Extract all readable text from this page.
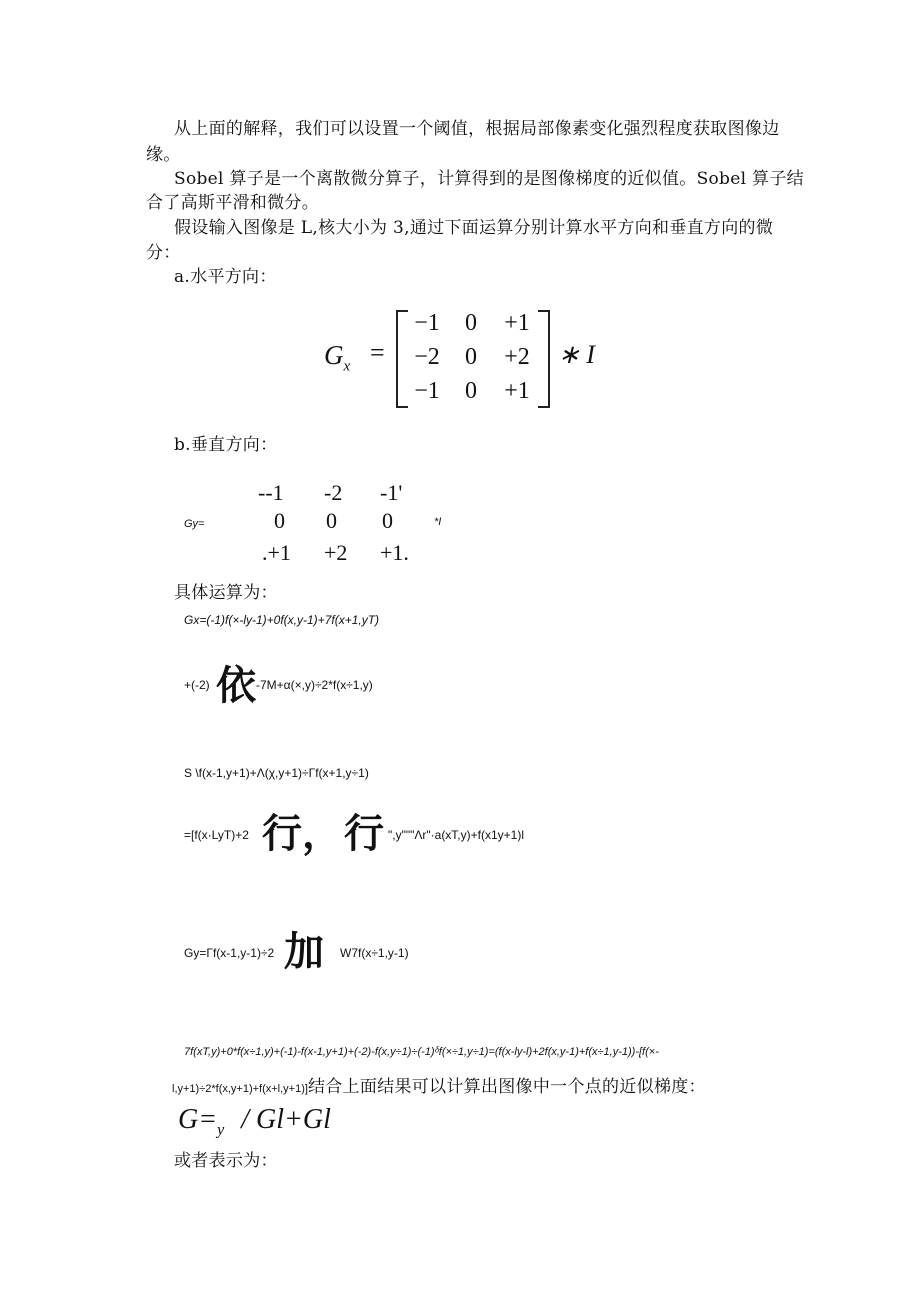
从上面的解释，我们可以设置一个阈值，根据局部像素变化强烈程度获取图像边
缘。
Sobel 算子是一个离散微分算子，计算得到的是图像梯度的近似值。Sobel 算子结
合了高斯平滑和微分。
假设输入图像是 L,核大小为 3,通过下面运算分别计算水平方向和垂直方向的微
分：
a.水平方向：
$G_x$ =
−1	0	+1
−2	0	+2
−1	0	+1
∗ I
b.垂直方向：
Gy=
--1 -2 -1'
0 0 0
.+1 +2 +1.
*I
具体运算为：
Gx=(-1)f(×-ly-1)+0f(x,y-1)+7f(x+1,yT)
+(-2) 依 -7M+α(×,y)÷2*f(x÷1,y)
S \f(x-1,y+1)+Λ(χ,y+1)÷Γf(x+1,y÷1)
=[f(x·LyT)+2 行， 行 ",y"""Λr"·a(xT,y)+f(x1y+1)l
Gy=Γf(x-1,y-1)÷2 加 W7f(x÷1,y-1)
7f(xT,y)+0*f(x÷1,y)+(-1)-f(x-1,y+1)+(-2)-f(x,y÷1)÷(-1)ᵟf(×÷1,y÷1)=(f(x-ly-l)+2f(x,y-1)+f(x÷1,y-1))-[f(×-
l,y+1)÷2*f(x,y+1)+f(x+l,y+1)]结合上面结果可以计算出图像中一个点的近似梯度：
$G=_y / Gl+Gl$
或者表示为：
